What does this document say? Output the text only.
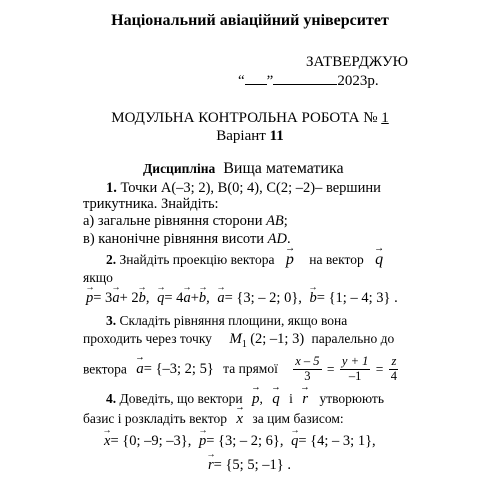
Національний авіаційний університет
ЗАТВЕРДЖУЮ
“ ”	2023р.
МОДУЛЬНА КОНТРОЛЬНА РОБОТА № 1
Варіант 11
Дисципліна Вища математика
1. Точки A(–3; 2), B(0; 4), C(2; –2)– вершини
трикутника. Знайдіть:
а) загальне рівняння сторони AB;
в) канонічне рівняння висоти AD.
2. Знайдіть проекцію вектора → p на вектор → q
якщо
→ p= 3→ a+ 2→ b, → q= 4→ a+→ b, → a= {3; – 2; 0}, → b= {1; – 4; 3} .
3. Складіть рівняння площини, якщо вона
проходить через точку $M_1$ (2; –1; 3) паралельно до
вектора → a= {–3; 2; 5} та прямої $\frac{x - 5}{3} = \frac{y + 1}{-1} = \frac{z}{4}$
4. Доведіть, що вектори → p, → q і → r утворюють
базис і розкладіть вектор → x за цим базисом:
→ x= {0; –9; –3}, → p= {3; – 2; 6}, → q= {4; – 3; 1},
→ r= {5; 5; –1} .
